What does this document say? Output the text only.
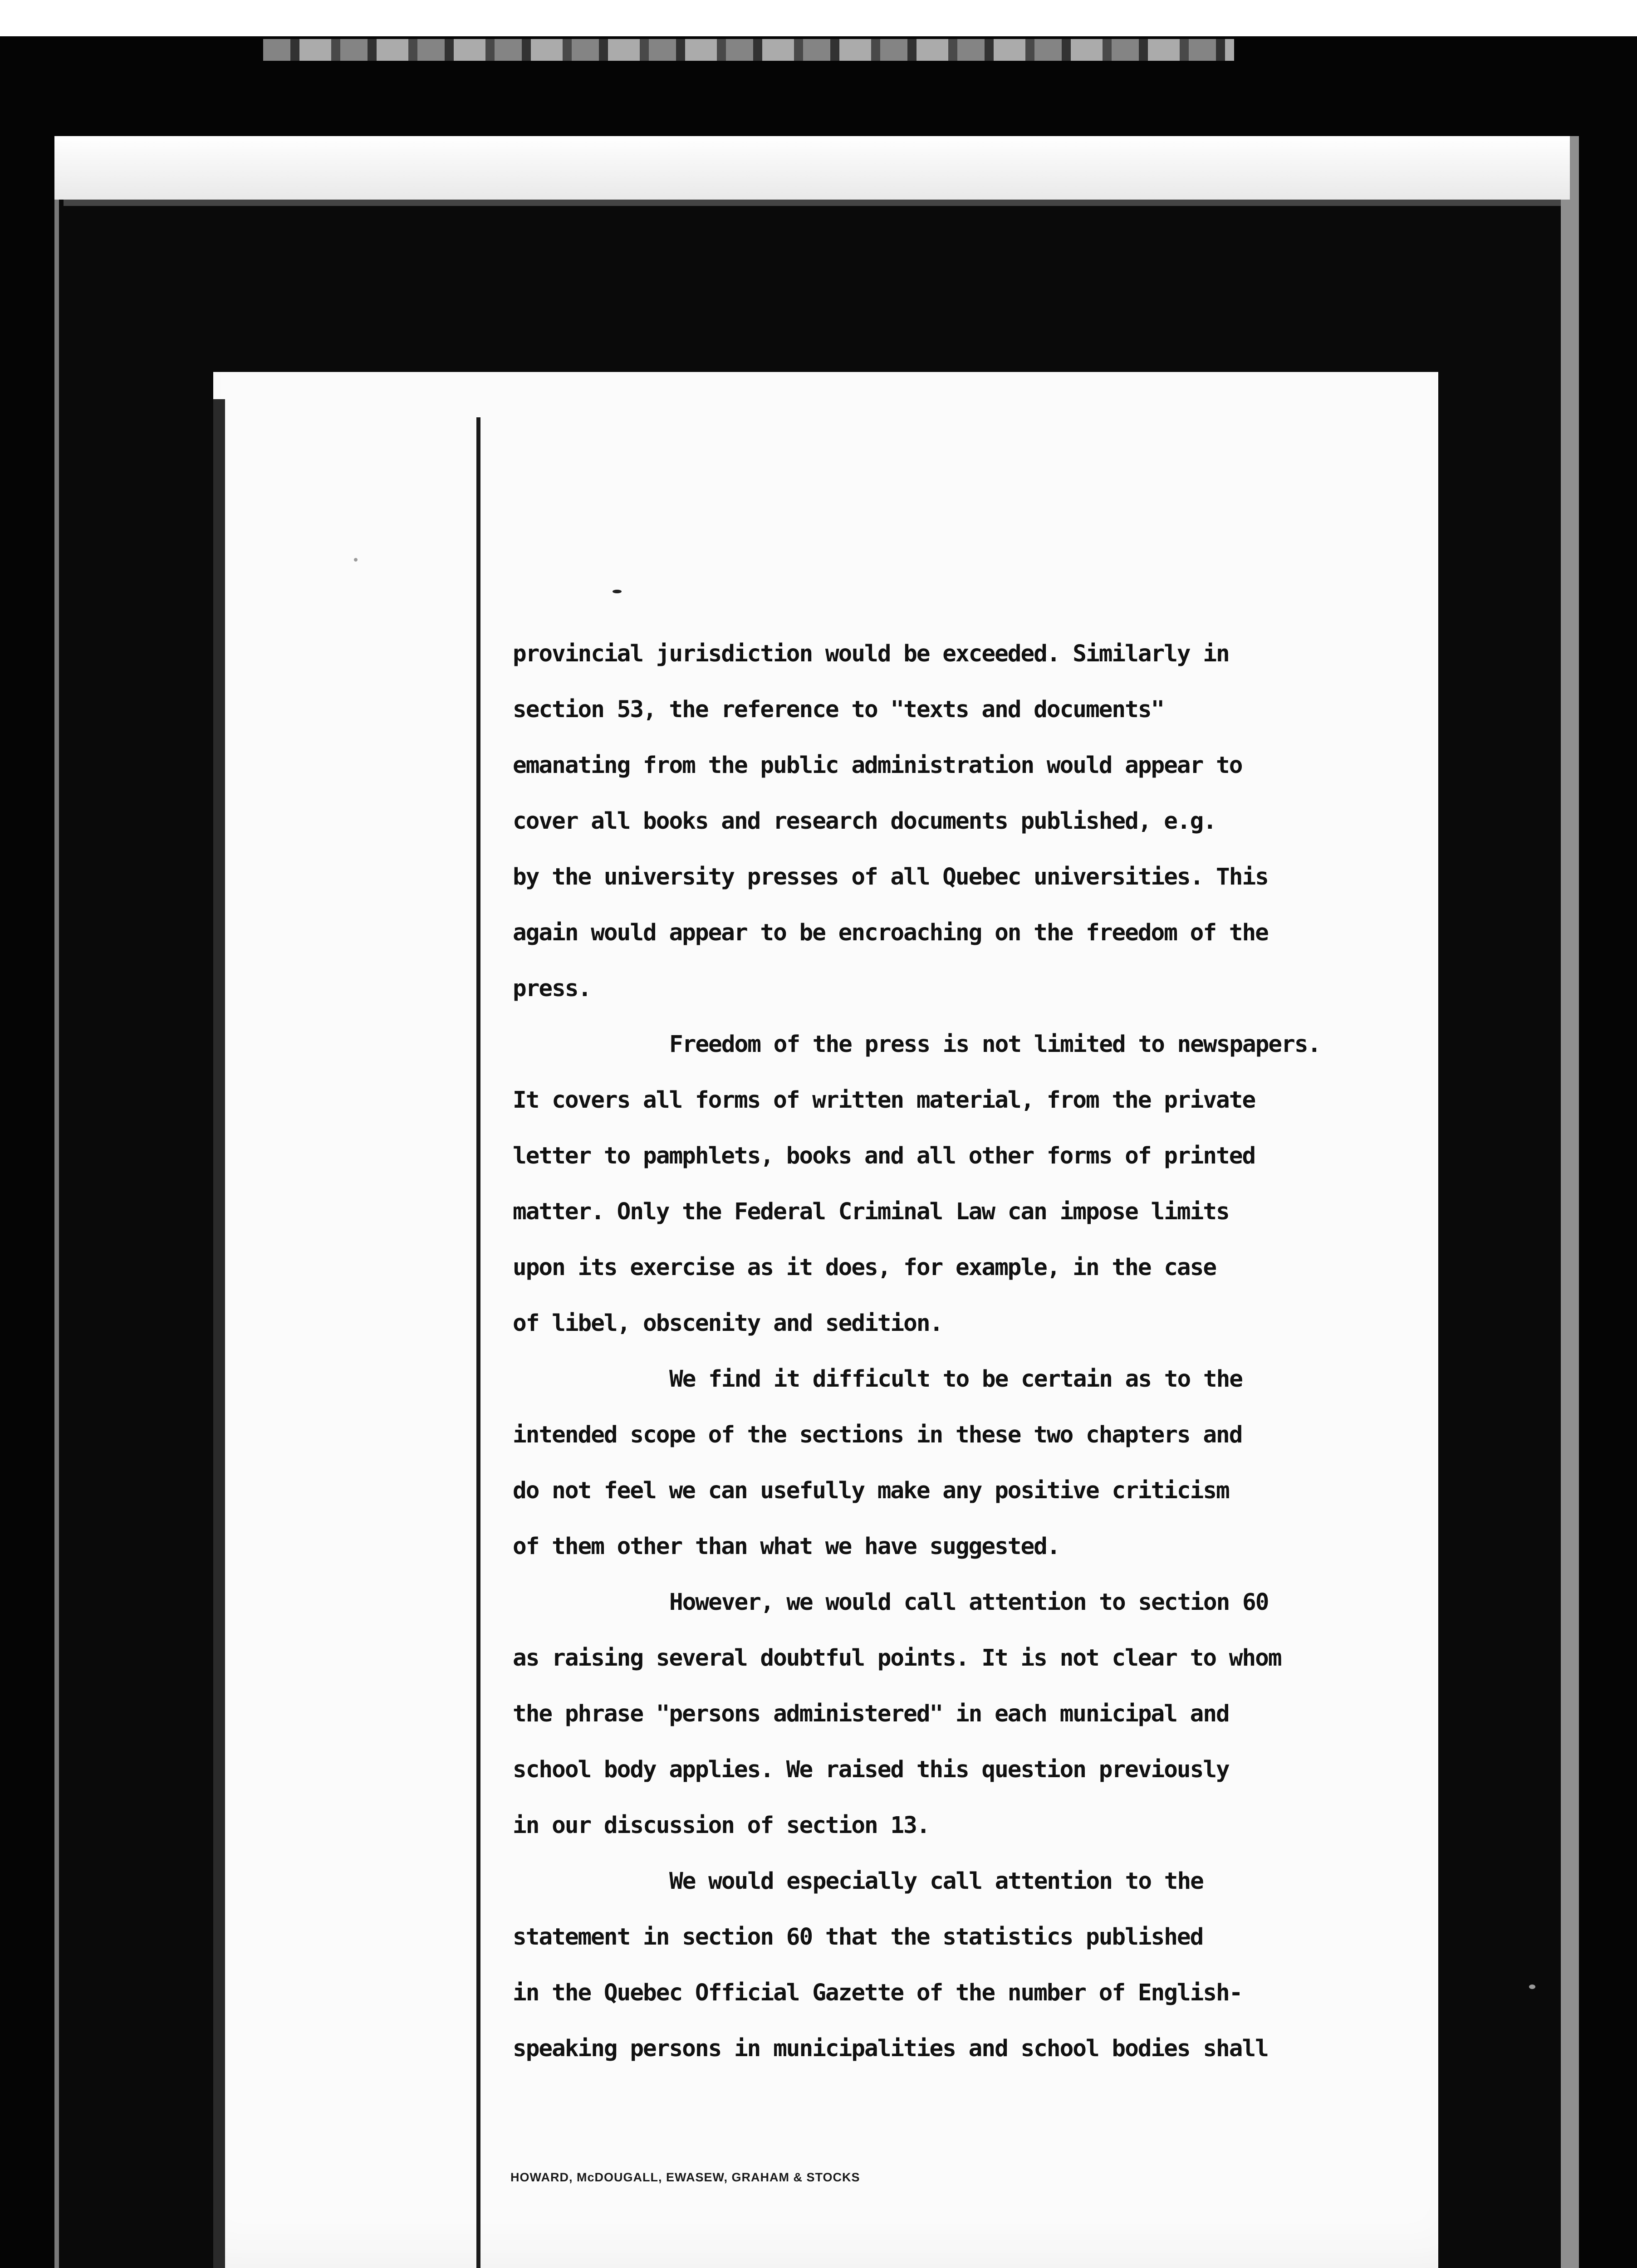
provincial jurisdiction would be exceeded. Similarly in
section 53, the reference to "texts and documents"
emanating from the public administration would appear to
cover all books and research documents published, e.g.
by the university presses of all Quebec universities. This
again would appear to be encroaching on the freedom of the
press.
Freedom of the press is not limited to newspapers.
It covers all forms of written material, from the private
letter to pamphlets, books and all other forms of printed
matter. Only the Federal Criminal Law can impose limits
upon its exercise as it does, for example, in the case
of libel, obscenity and sedition.
We find it difficult to be certain as to the
intended scope of the sections in these two chapters and
do not feel we can usefully make any positive criticism
of them other than what we have suggested.
However, we would call attention to section 60
as raising several doubtful points. It is not clear to whom
the phrase "persons administered" in each municipal and
school body applies. We raised this question previously
in our discussion of section 13.
We would especially call attention to the
statement in section 60 that the statistics published
in the Quebec Official Gazette of the number of English-
speaking persons in municipalities and school bodies shall
HOWARD, McDOUGALL, EWASEW, GRAHAM & STOCKS
